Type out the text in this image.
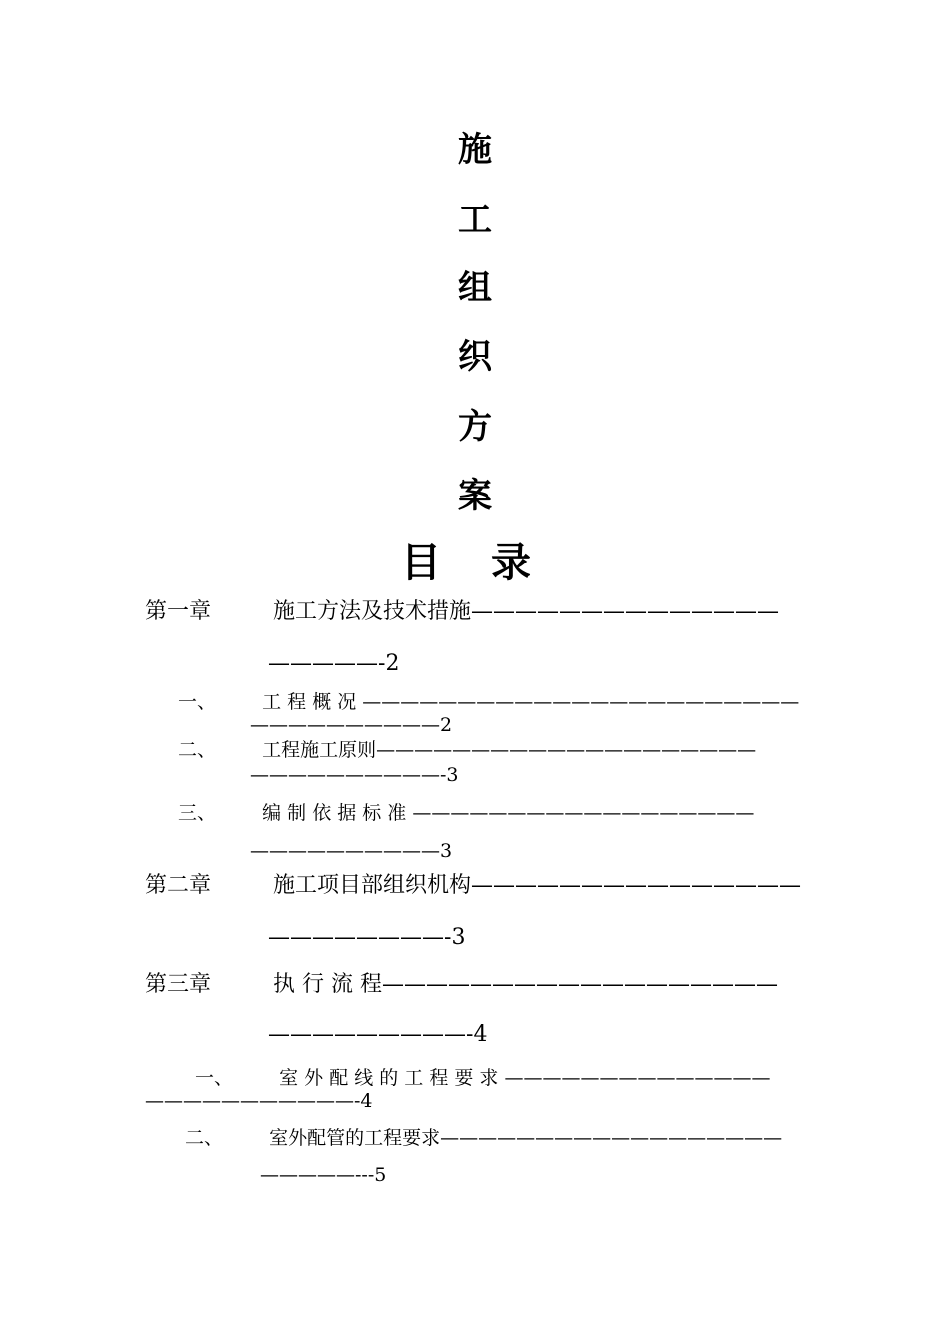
施
工
组
织
方
案
目 录
第一章	施工方法及技术措施——————————————
—————-2
一、 工 程 概 况 ———————————————————————
——————————2
二、 工程施工原则————————————————————
——————————-3
三、 编 制 依 据 标 准 ——————————————————
——————————3
第二章	施工项目部组织机构———————————————
————————-3
第三章	执 行 流 程——————————————————
—————————-4
一、 室 外 配 线 的 工 程 要 求 ——————————————
———————————-4
二、 室外配管的工程要求——————————————————
—————---5
